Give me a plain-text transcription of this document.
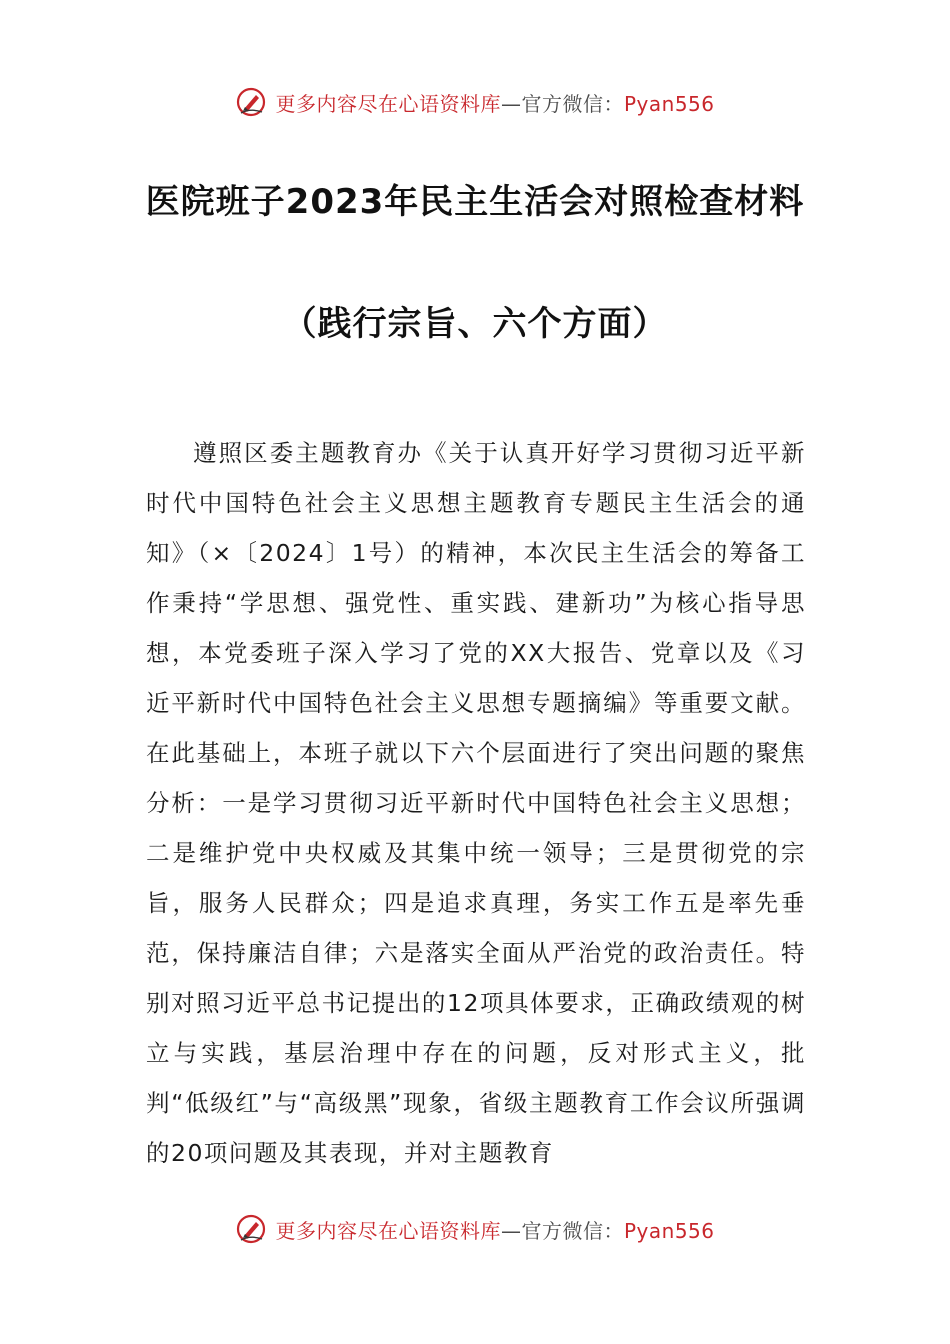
更多内容尽在心语资料库—官方微信：Pyan556
医院班子2023年民主生活会对照检查材料
（践行宗旨、六个方面）

遵照区委主题教育办《关于认真开好学习贯彻习近平新时代中国特色社会主义思想主题教育专题民主生活会的通知》（×〔2024〕1号）的精神，本次民主生活会的筹备工作秉持“学思想、强党性、重实践、建新功”为核心指导思想，本党委班子深入学习了党的XX大报告、党章以及《习近平新时代中国特色社会主义思想专题摘编》等重要文献。在此基础上，本班子就以下六个层面进行了突出问题的聚焦分析：一是学习贯彻习近平新时代中国特色社会主义思想；二是维护党中央权威及其集中统一领导；三是贯彻党的宗旨，服务人民群众；四是追求真理，务实工作五是率先垂范，保持廉洁自律；六是落实全面从严治党的政治责任。特别对照习近平总书记提出的12项具体要求，正确政绩观的树立与实践，基层治理中存在的问题，反对形式主义，批判“低级红”与“高级黑”现象，省级主题教育工作会议所强调的20项问题及其表现，并对主题教育

更多内容尽在心语资料库—官方微信：Pyan556
